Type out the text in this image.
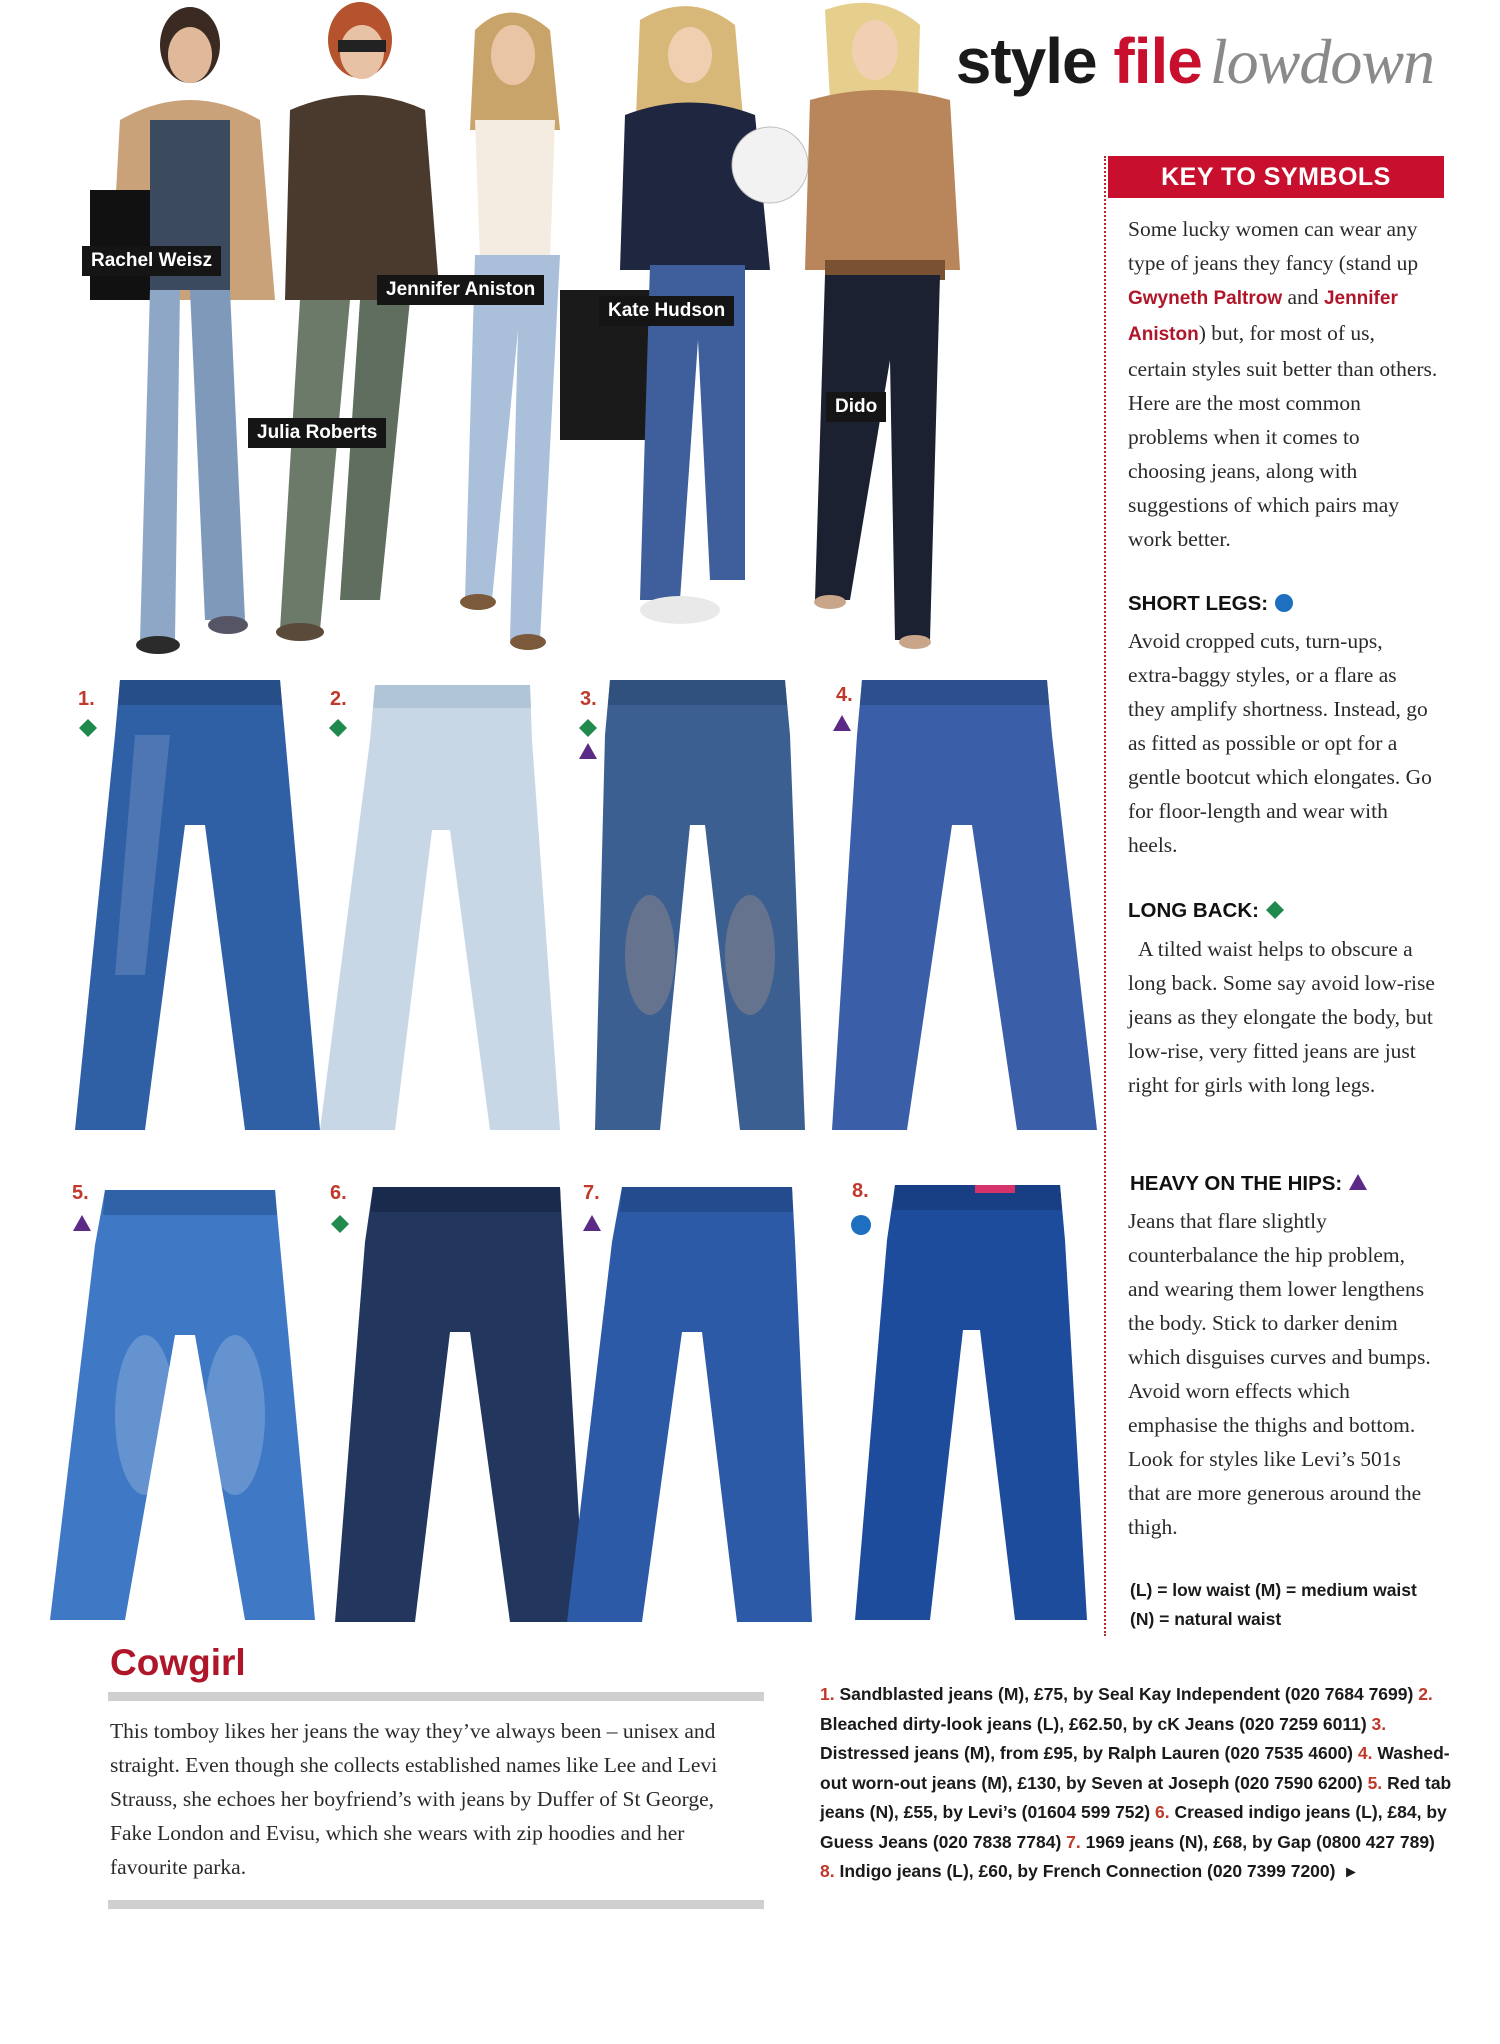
style file lowdown
Rachel Weisz
Julia Roberts
Jennifer Aniston
Kate Hudson
Dido
1.	2.	3.	4.
5.	6.	7.	8.
KEY TO SYMBOLS
Some lucky women can wear any type of jeans they fancy (stand up Gwyneth Paltrow and Jennifer Aniston) but, for most of us, certain styles suit better than others. Here are the most common problems when it comes to choosing jeans, along with suggestions of which pairs may work better.
SHORT LEGS:
Avoid cropped cuts, turn-ups, extra-baggy styles, or a flare as they amplify shortness. Instead, go as fitted as possible or opt for a gentle bootcut which elongates. Go for floor-length and wear with heels.
LONG BACK:
A tilted waist helps to obscure a long back. Some say avoid low-rise jeans as they elongate the body, but low-rise, very fitted jeans are just right for girls with long legs.
HEAVY ON THE HIPS:
Jeans that flare slightly counterbalance the hip problem, and wearing them lower lengthens the body. Stick to darker denim which disguises curves and bumps. Avoid worn effects which emphasise the thighs and bottom. Look for styles like Levi’s 501s that are more generous around the thigh.
(L) = low waist (M) = medium waist (N) = natural waist
Cowgirl
This tomboy likes her jeans the way they’ve always been – unisex and straight. Even though she collects established names like Lee and Levi Strauss, she echoes her boyfriend’s with jeans by Duffer of St George, Fake London and Evisu, which she wears with zip hoodies and her favourite parka.
1. Sandblasted jeans (M), £75, by Seal Kay Independent (020 7684 7699) 2. Bleached dirty-look jeans (L), £62.50, by cK Jeans (020 7259 6011) 3. Distressed jeans (M), from £95, by Ralph Lauren (020 7535 4600) 4. Washed-out worn-out jeans (M), £130, by Seven at Joseph (020 7590 6200) 5. Red tab jeans (N), £55, by Levi’s (01604 599 752) 6. Creased indigo jeans (L), £84, by Guess Jeans (020 7838 7784) 7. 1969 jeans (N), £68, by Gap (0800 427 789)
8. Indigo jeans (L), £60, by French Connection (020 7399 7200) ▸
